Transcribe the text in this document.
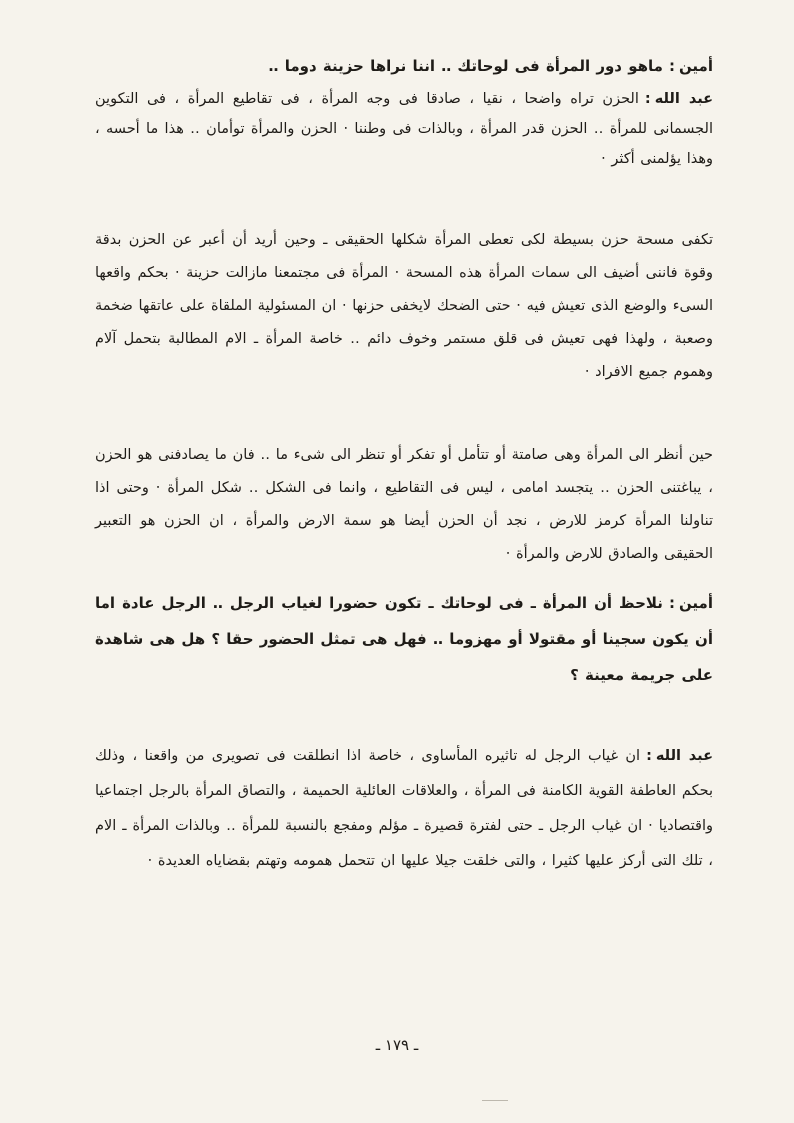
أمين:ماهو دور المرأة فى لوحاتك ‥ اننا نراها حزينة دوما ‥

عبد الله:الحزن تراه واضحا ، نقيا ، صادقا فى وجه المرأة ، فى تقاطيع المرأة ، فى التكوين الجسمانى للمرأة ‥ الحزن قدر المرأة ، وبالذات فى وطننا ⋅ الحزن والمرأة توأمان ‥ هذا ما أحسه ، وهذا يؤلمنى أكثر ⋅

تكفى مسحة حزن بسيطة لكى تعطى المرأة شكلها الحقيقى ـ وحين أريد أن أعبر عن الحزن بدقة وقوة فاننى أضيف الى سمات المرأة هذه المسحة ⋅ المرأة فى مجتمعنا مازالت حزينة ⋅ بحكم واقعها السىء والوضع الذى تعيش فيه ⋅ حتى الضحك لايخفى حزنها ⋅ ان المسئولية الملقاة على عاتقها ضخمة وصعبة ، ولهذا فهى تعيش فى قلق مستمر وخوف دائم ‥ خاصة المرأة ـ الام المطالبة بتحمل آلام وهموم جميع الافراد ⋅

حين أنظر الى المرأة وهى صامتة أو تتأمل أو تفكر أو تنظر الى شىء ما ‥ فان ما يصادفنى هو الحزن ، يباغتنى الحزن ‥ يتجسد امامى ، ليس فى التقاطيع ، وانما فى الشكل ‥ شكل المرأة ⋅ وحتى اذا تناولنا المرأة كرمز للارض ، نجد أن الحزن أيضا هو سمة الارض والمرأة ، ان الحزن هو التعبير الحقيقى والصادق للارض والمرأة ⋅

أمين:نلاحظ أن المرأة ـ فى لوحاتك ـ تكون حضورا لغياب الرجل ‥ الرجل عادة اما أن يكون سجينا أو مقتولا أو مهزوما ‥ فهل هى تمثل الحضور حقا ؟ هل هى شاهدة على جريمة معينة ؟

عبد الله:ان غياب الرجل له تاثيره المأساوى ، خاصة اذا انطلقت فى تصويرى من واقعنا ، وذلك بحكم العاطفة القوية الكامنة فى المرأة ، والعلاقات العائلية الحميمة ، والتصاق المرأة بالرجل اجتماعيا واقتصاديا ⋅ ان غياب الرجل ـ حتى لفترة قصيرة ـ مؤلم ومفجع بالنسبة للمرأة ‥ وبالذات المرأة ـ الام ، تلك التى أركز عليها كثيرا ، والتى خلقت جيلا عليها ان تتحمل همومه وتهتم بقضاياه العديدة ⋅

ـ ١٧٩ ـ
